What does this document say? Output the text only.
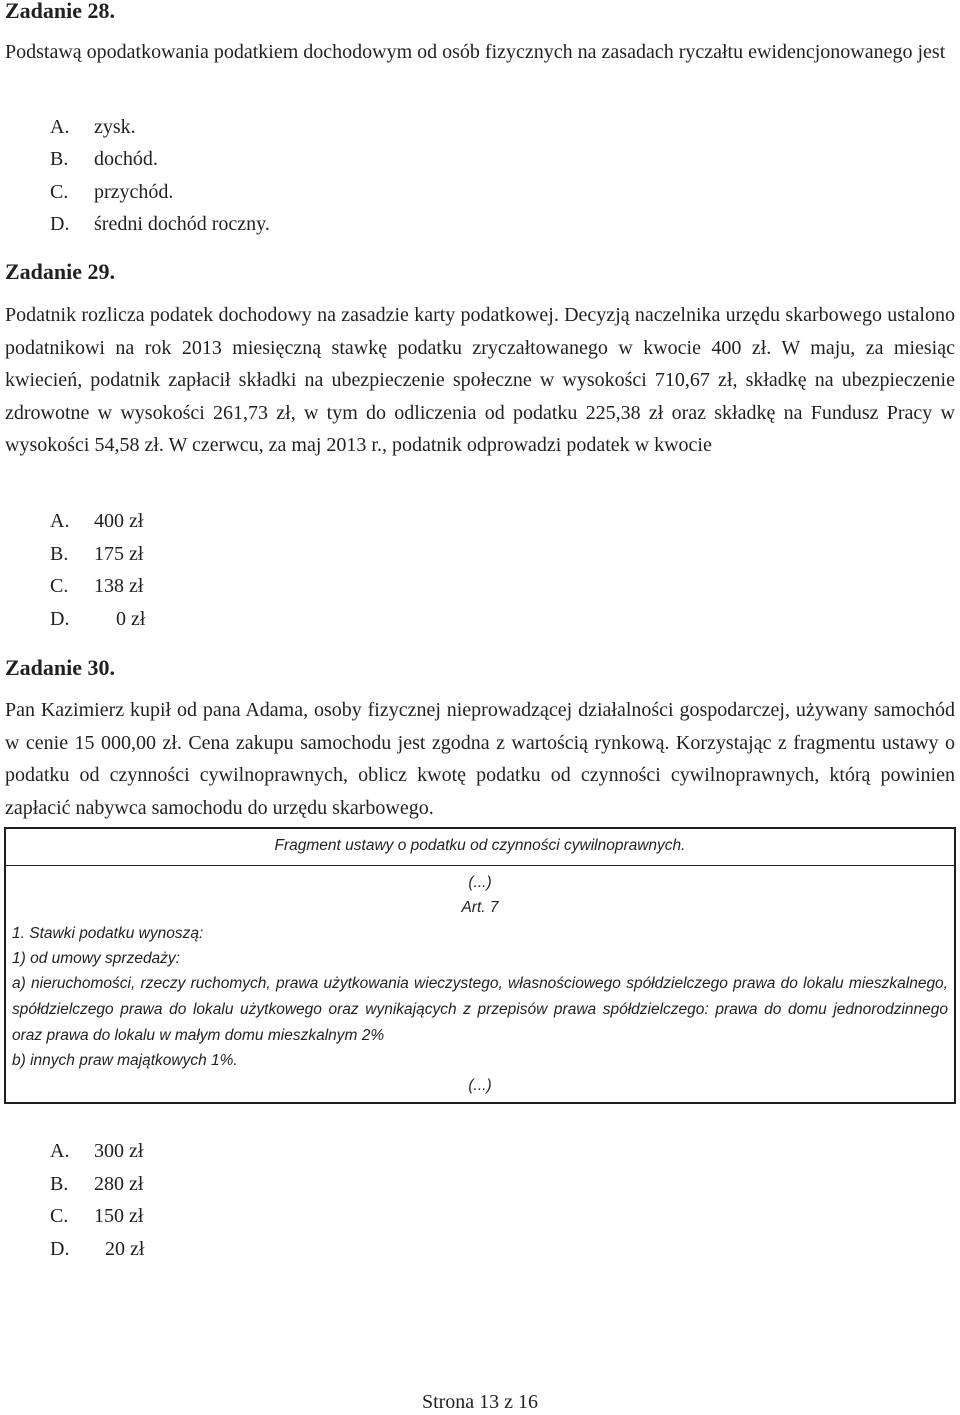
Zadanie 28.
Podstawą opodatkowania podatkiem dochodowym od osób fizycznych na zasadach ryczałtu ewidencjonowanego jest
A. zysk.
B. dochód.
C. przychód.
D. średni dochód roczny.
Zadanie 29.
Podatnik rozlicza podatek dochodowy na zasadzie karty podatkowej. Decyzją naczelnika urzędu skarbowego ustalono podatnikowi na rok 2013 miesięczną stawkę podatku zryczałtowanego w kwocie 400 zł. W maju, za miesiąc kwiecień, podatnik zapłacił składki na ubezpieczenie społeczne w wysokości 710,67 zł, składkę na ubezpieczenie zdrowotne w wysokości 261,73 zł, w tym do odliczenia od podatku 225,38 zł oraz składkę na Fundusz Pracy w wysokości 54,58 zł. W czerwcu, za maj 2013 r., podatnik odprowadzi podatek w kwocie
A. 400 zł
B. 175 zł
C. 138 zł
D. 0 zł
Zadanie 30.
Pan Kazimierz kupił od pana Adama, osoby fizycznej nieprowadzącej działalności gospodarczej, używany samochód w cenie 15 000,00 zł. Cena zakupu samochodu jest zgodna z wartością rynkową. Korzystając z fragmentu ustawy o podatku od czynności cywilnoprawnych, oblicz kwotę podatku od czynności cywilnoprawnych, którą powinien zapłacić nabywca samochodu do urzędu skarbowego.
Fragment ustawy o podatku od czynności cywilnoprawnych.
(...)
Art. 7
1. Stawki podatku wynoszą:
1) od umowy sprzedaży:
a) nieruchomości, rzeczy ruchomych, prawa użytkowania wieczystego, własnościowego spółdzielczego prawa do lokalu mieszkalnego, spółdzielczego prawa do lokalu użytkowego oraz wynikających z przepisów prawa spółdzielczego: prawa do domu jednorodzinnego oraz prawa do lokalu w małym domu mieszkalnym 2%
b) innych praw majątkowych 1%.
(...)
A. 300 zł
B. 280 zł
C. 150 zł
D. 20 zł
Strona 13 z 16
